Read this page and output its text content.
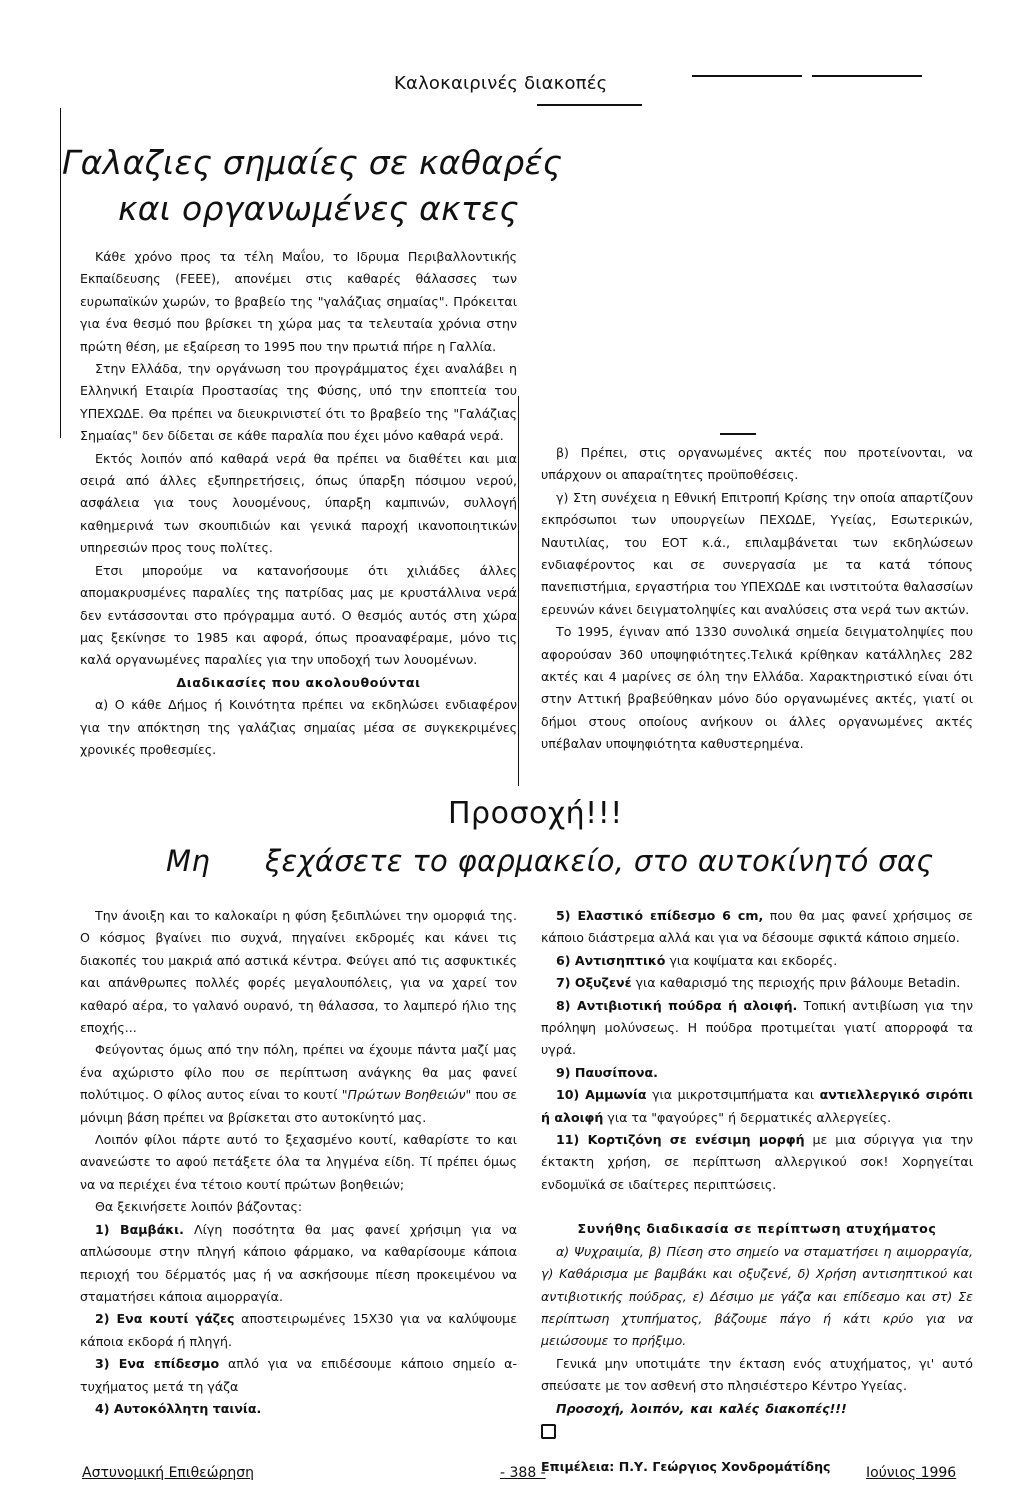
Καλοκαιρινές διακοπές
Γαλαζιες σημαίες σε καθαρές
και οργανωμένες ακτες

Κάθε χρόνο προς τα τέλη Μαΐου, το Ιδρυμα Περιβαλλοντικής Εκπαίδευσης (FEEE), απονέμει στις καθαρές θάλασσες των ευρωπαϊκών χωρών, το βραβείο της "γαλάζιας σημαίας". Πρόκειται για ένα θεσμό που βρίσκει τη χώρα μας τα τελευταία χρόνια στην πρώτη θέση, με εξαίρεση το 1995 που την πρωτιά πήρε η Γαλλία.

Στην Ελλάδα, την οργάνωση του προγράμματος έχει αναλάβει η Ελληνική Εταιρία Προστασίας της Φύσης, υπό την εποπτεία του ΥΠΕΧΩΔΕ. Θα πρέπει να διευκρινιστεί ότι το βραβείο της "Γαλάζιας Σημαίας" δεν δίδεται σε κάθε παραλία που έχει μόνο καθαρά νερά.

Εκτός λοιπόν από καθαρά νερά θα πρέπει να διαθέτει και μια σειρά από άλλες εξυπηρετήσεις, όπως ύπαρξη πόσιμου νερού, ασφάλεια για τους λουομένους, ύπαρξη καμπινών, συλλογή καθημερινά των σκουπιδιών και γενικά παροχή ικανοποιητικών υπηρεσιών προς τους πολίτες.

Ετσι μπορούμε να κατανοήσουμε ότι χιλιάδες άλλες απομακρυσμένες παραλίες της πατρίδας μας με κρυστάλλινα νερά δεν εντάσσονται στο πρόγραμμα αυτό. Ο θεσμός αυτός στη χώρα μας ξεκίνησε το 1985 και αφορά, όπως προαναφέραμε, μόνο τις καλά οργανωμένες παραλίες για την υποδοχή των λουομένων.

Διαδικασίες που ακολουθούνται

α) Ο κάθε Δήμος ή Κοινότητα πρέπει να εκδηλώσει ενδιαφέρον για την απόκτηση της γαλάζιας σημαίας μέσα σε συγκεκριμένες χρονικές προθεσμίες.

β) Πρέπει, στις οργανωμένες ακτές που προτείνονται, να υπάρχουν οι απαραίτητες προϋποθέσεις.

γ) Στη συνέχεια η Εθνική Επιτροπή Κρίσης την οποία απαρτίζουν εκπρόσωποι των υπουργείων ΠΕΧΩΔΕ, Υγείας, Εσωτερικών, Ναυτιλίας, του ΕΟΤ κ.ά., επιλαμβάνεται των εκδηλώσεων ενδιαφέροντος και σε συνεργασία με τα κατά τόπους πανεπιστήμια, εργαστήρια του ΥΠΕΧΩΔΕ και ινστιτούτα θαλασσίων ερευνών κάνει δειγματοληψίες και αναλύσεις στα νερά των ακτών.

Το 1995, έγιναν από 1330 συνολικά σημεία δειγματοληψίες που αφορούσαν 360 υποψηφιότητες.Τελικά κρίθηκαν κατάλληλες 282 ακτές και 4 μαρίνες σε όλη την Ελλάδα. Χαρακτηριστικό είναι ότι στην Αττική βραβεύθηκαν μόνο δύο οργανωμένες ακτές, γιατί οι δήμοι στους οποίους ανήκουν οι άλλες οργανωμένες ακτές υπέβαλαν υποψηφιότητα καθυστερημένα.

Προσοχή!!!
Μη ξεχάσετε το φαρμακείο, στο αυτοκίνητό σας

Την άνοιξη και το καλοκαίρι η φύση ξεδιπλώνει την ομορφιά της. Ο κόσμος βγαίνει πιο συχνά, πηγαίνει εκδρομές και κάνει τις διακοπές του μακριά από αστικά κέντρα. Φεύγει από τις ασφυκτικές και απάνθρωπες πολλές φορές μεγαλουπόλεις, για να χαρεί τον καθαρό αέρα, το γαλανό ουρανό, τη θάλασσα, το λαμπερό ήλιο της εποχής...

Φεύγοντας όμως από την πόλη, πρέπει να έχουμε πάντα μαζί μας ένα αχώριστο φίλο που σε περίπτωση ανάγκης θα μας φανεί πολύτιμος. Ο φίλος αυτος είναι το κουτί "Πρώτων Βοηθειών" που σε μόνιμη βάση πρέπει να βρίσκεται στο αυτοκίνητό μας.

Λοιπόν φίλοι πάρτε αυτό το ξεχασμένο κουτί, καθαρίστε το και ανανεώστε το αφού πετάξετε όλα τα ληγμένα είδη. Τί πρέπει όμως να να περιέχει ένα τέτοιο κουτί πρώτων βοηθειών;

Θα ξεκινήσετε λοιπόν βάζοντας:

1) Βαμβάκι. Λίγη ποσότητα θα μας φανεί χρήσιμη για να απλώσουμε στην πληγή κάποιο φάρμακο, να καθαρίσουμε κάποια περιοχή του δέρματός μας ή να ασκήσουμε πίεση προκειμένου να σταματήσει κάποια αιμορραγία.

2) Ενα κουτί γάζες αποστειρωμένες 15Χ30 για να καλύψουμε κάποια εκδορά ή πληγή.

3) Ενα επίδεσμο απλό για να επιδέσουμε κάποιο σημείο α-τυχήματος μετά τη γάζα

4) Αυτοκόλλητη ταινία.

5) Ελαστικό επίδεσμο 6 cm, που θα μας φανεί χρήσιμος σε κάποιο διάστρεμα αλλά και για να δέσουμε σφικτά κάποιο σημείο.

6) Αντισηπτικό για κοψίματα και εκδορές.

7) Οξυζενέ για καθαρισμό της περιοχής πριν βάλουμε Betadin.

8) Αντιβιοτική πούδρα ή αλοιφή. Τοπική αντιβίωση για την πρόληψη μολύνσεως. Η πούδρα προτιμείται γιατί απορροφά τα υγρά.

9) Παυσίπονα.

10) Αμμωνία για μικροτσιμπήματα και αντιελλεργικό σιρόπι ή αλοιφή για τα "φαγούρες" ή δερματικές αλλεργείες.

11) Κορτιζόνη σε ενέσιμη μορφή με μια σύριγγα για την έκτακτη χρήση, σε περίπτωση αλλεργικού σοκ! Χορηγείται ενδομυϊκά σε ιδαίτερες περιπτώσεις.

Συνήθης διαδικασία σε περίπτωση ατυχήματος

α) Ψυχραιμία, β) Πίεση στο σημείο να σταματήσει η αιμορραγία, γ) Καθάρισμα με βαμβάκι και οξυζενέ, δ) Χρήση αντισηπτικού και αντιβιοτικής πούδρας, ε) Δέσιμο με γάζα και επίδεσμο και στ) Σε περίπτωση χτυπήματος, βάζουμε πάγο ή κάτι κρύο για να μειώσουμε το πρήξιμο.

Γενικά μην υποτιμάτε την έκταση ενός ατυχήματος, γι' αυτό σπεύσατε με τον ασθενή στο πλησιέστερο Κέντρο Υγείας.

Προσοχή, λοιπόν, και καλές διακοπές!!!

Επιμέλεια: Π.Υ. Γεώργιος Χονδρομάτίδης

Αστυνομική Επιθεώρηση	- 388 -	Ιούνιος 1996
